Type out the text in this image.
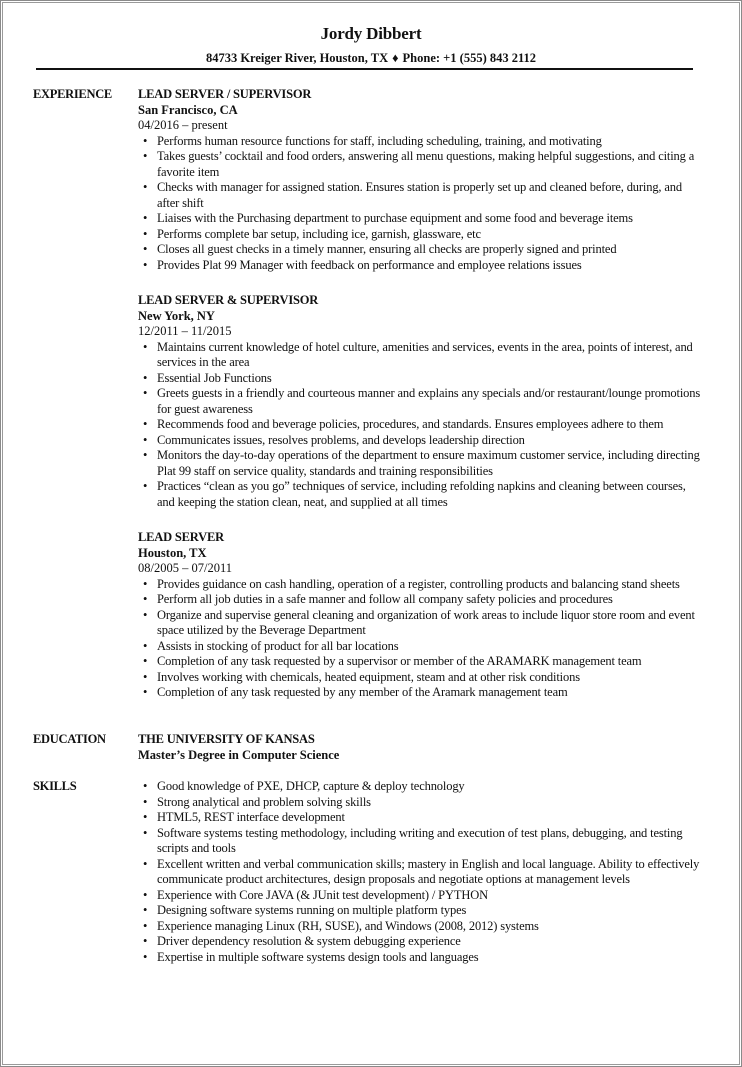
Jordy Dibbert
84733 Kreiger River, Houston, TX ♦ Phone: +1 (555) 843 2112
EXPERIENCE LEAD SERVER / SUPERVISOR
San Francisco, CA
04/2016 – present
• Performs human resource functions for staff, including scheduling, training, and motivating
• Takes guests’ cocktail and food orders, answering all menu questions, making helpful suggestions, and citing a favorite item
• Checks with manager for assigned station. Ensures station is properly set up and cleaned before, during, and after shift
• Liaises with the Purchasing department to purchase equipment and some food and beverage items
• Performs complete bar setup, including ice, garnish, glassware, etc
• Closes all guest checks in a timely manner, ensuring all checks are properly signed and printed
• Provides Plat 99 Manager with feedback on performance and employee relations issues
LEAD SERVER & SUPERVISOR
New York, NY
12/2011 – 11/2015
• Maintains current knowledge of hotel culture, amenities and services, events in the area, points of interest, and services in the area
• Essential Job Functions
• Greets guests in a friendly and courteous manner and explains any specials and/or restaurant/lounge promotions for guest awareness
• Recommends food and beverage policies, procedures, and standards. Ensures employees adhere to them
• Communicates issues, resolves problems, and develops leadership direction
• Monitors the day-to-day operations of the department to ensure maximum customer service, including directing Plat 99 staff on service quality, standards and training responsibilities
• Practices “clean as you go” techniques of service, including refolding napkins and cleaning between courses, and keeping the station clean, neat, and supplied at all times
LEAD SERVER
Houston, TX
08/2005 – 07/2011
• Provides guidance on cash handling, operation of a register, controlling products and balancing stand sheets
• Perform all job duties in a safe manner and follow all company safety policies and procedures
• Organize and supervise general cleaning and organization of work areas to include liquor store room and event space utilized by the Beverage Department
• Assists in stocking of product for all bar locations
• Completion of any task requested by a supervisor or member of the ARAMARK management team
• Involves working with chemicals, heated equipment, steam and at other risk conditions
• Completion of any task requested by any member of the Aramark management team
EDUCATION	THE UNIVERSITY OF KANSAS
Master’s Degree in Computer Science
SKILLS	• Good knowledge of PXE, DHCP, capture & deploy technology
• Strong analytical and problem solving skills
• HTML5, REST interface development
• Software systems testing methodology, including writing and execution of test plans, debugging, and testing scripts and tools
• Excellent written and verbal communication skills; mastery in English and local language. Ability to effectively communicate product architectures, design proposals and negotiate options at management levels
• Experience with Core JAVA (& JUnit test development) / PYTHON
• Designing software systems running on multiple platform types
• Experience managing Linux (RH, SUSE), and Windows (2008, 2012) systems
• Driver dependency resolution & system debugging experience
• Expertise in multiple software systems design tools and languages
